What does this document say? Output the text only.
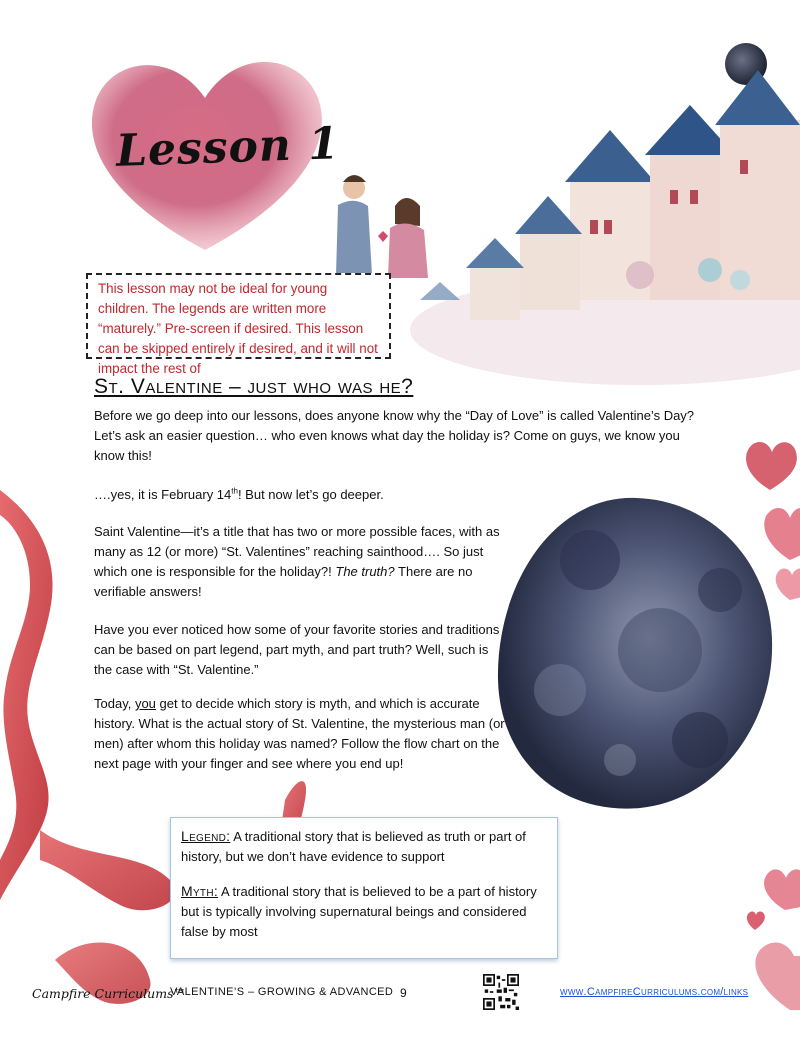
Lesson 1
This lesson may not be ideal for young children. The legends are written more “maturely.” Pre-screen if desired. This lesson can be skipped entirely if desired, and it will not impact the rest of
St. Valentine – just who was he?
Before we go deep into our lessons, does anyone know why the “Day of Love” is called Valentine’s Day? Let’s ask an easier question… who even knows what day the holiday is? Come on guys, we know you know this!
….yes, it is February 14th! But now let’s go deeper.
Saint Valentine—it’s a title that has two or more possible faces, with as many as 12 (or more) “St. Valentines” reaching sainthood…. So just which one is responsible for the holiday?! The truth? There are no verifiable answers!
Have you ever noticed how some of your favorite stories and traditions can be based on part legend, part myth, and part truth? Well, such is the case with “St. Valentine.”
Today, you get to decide which story is myth, and which is accurate history. What is the actual story of St. Valentine, the mysterious man (or men) after whom this holiday was named? Follow the flow chart on the next page with your finger and see where you end up!
Legend: A traditional story that is believed as truth or part of history, but we don’t have evidence to support
Myth: A traditional story that is believed to be a part of history but is typically involving supernatural beings and considered false by most
Campfire Curriculums™
VALENTINE’S – GROWING & ADVANCED 9	www.CampfireCurriculums.com/links
